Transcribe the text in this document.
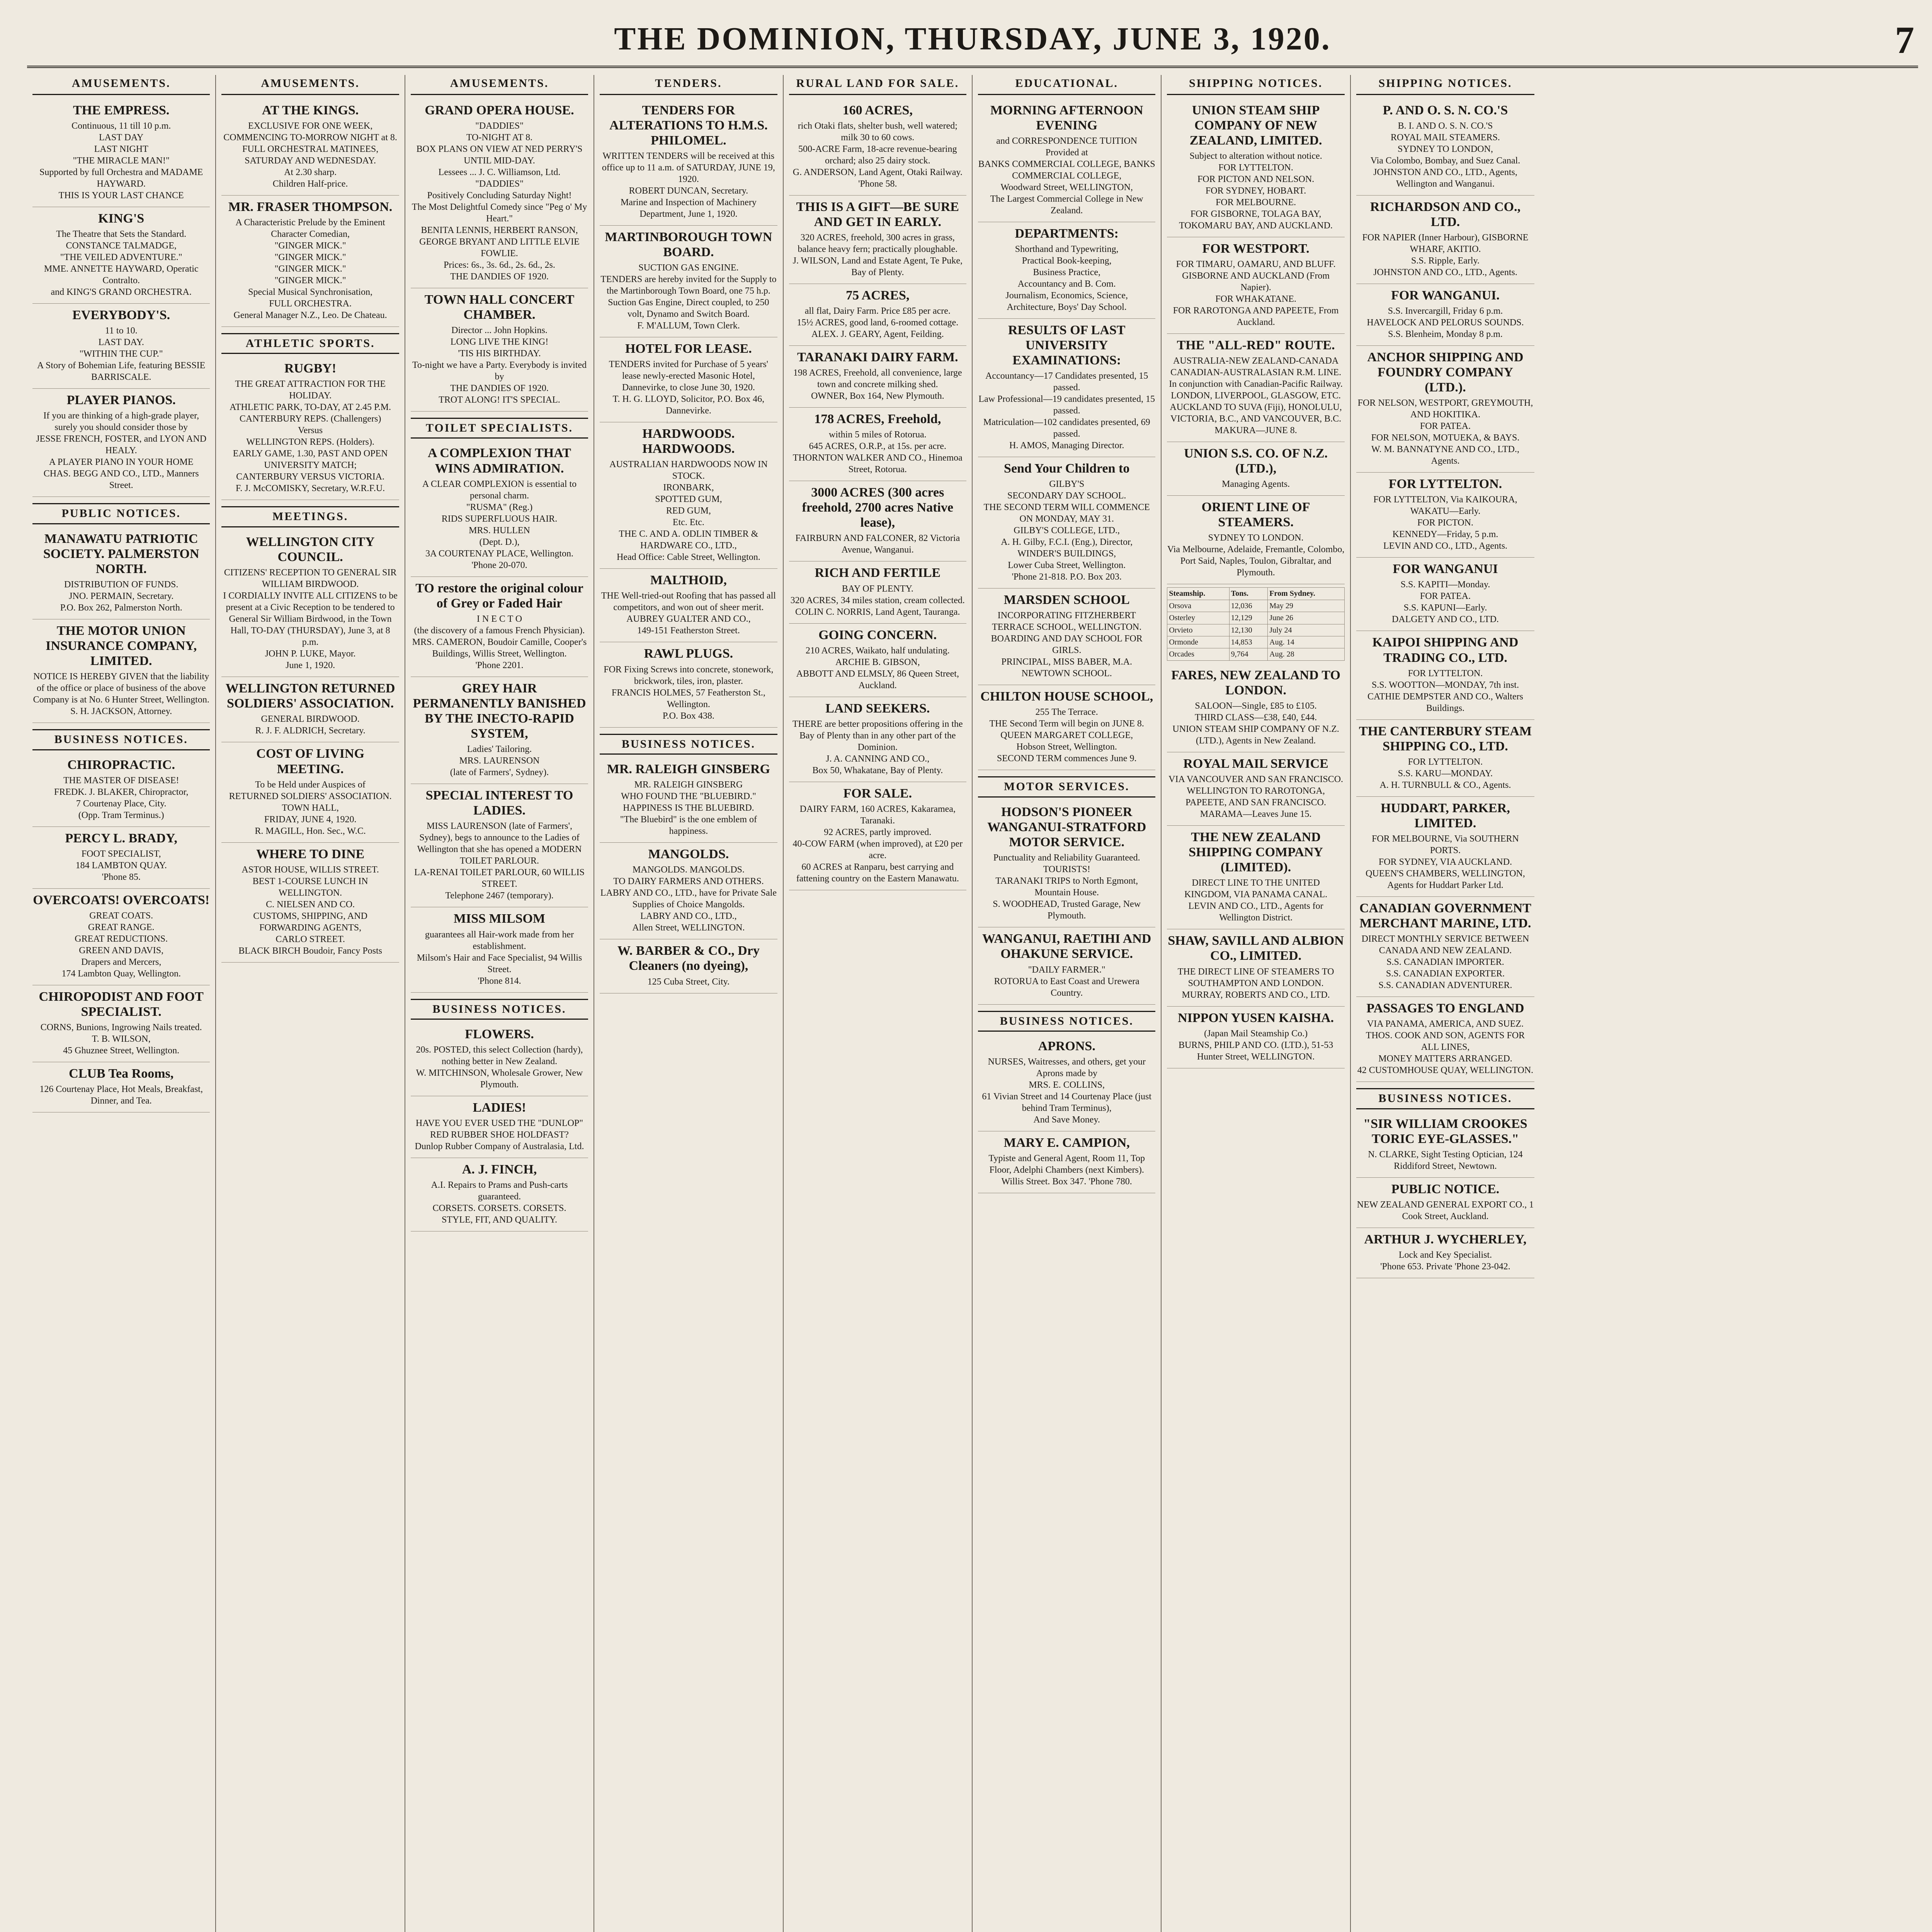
THE DOMINION, THURSDAY, JUNE 3, 1920.	7
AMUSEMENTS.
THE EMPRESS.
Continuous, 11 till 10 p.m.
LAST DAY
LAST NIGHT
"THE MIRACLE MAN!"
Supported by full Orchestra and MADAME HAYWARD.
THIS IS YOUR LAST CHANCE
KING'S
The Theatre that Sets the Standard.
CONSTANCE TALMADGE,
"THE VEILED ADVENTURE."
MME. ANNETTE HAYWARD, Operatic Contralto.
and KING'S GRAND ORCHESTRA.
EVERYBODY'S.
11 to 10.
LAST DAY.
"WITHIN THE CUP."
A Story of Bohemian Life, featuring BESSIE BARRISCALE.
PLAYER PIANOS.
If you are thinking of a high-grade player, surely you should consider those by
JESSE FRENCH, FOSTER, and LYON AND HEALY.
A PLAYER PIANO IN YOUR HOME
CHAS. BEGG AND CO., LTD., Manners Street.
PUBLIC NOTICES.
MANAWATU PATRIOTIC SOCIETY. PALMERSTON NORTH.
DISTRIBUTION OF FUNDS.
JNO. PERMAIN, Secretary.
P.O. Box 262, Palmerston North.
THE MOTOR UNION INSURANCE COMPANY, LIMITED.
NOTICE IS HEREBY GIVEN that the liability of the office or place of business of the above Company is at No. 6 Hunter Street, Wellington.
S. H. JACKSON, Attorney.
BUSINESS NOTICES.
CHIROPRACTIC.
THE MASTER OF DISEASE!
FREDK. J. BLAKER, Chiropractor,
7 Courtenay Place, City.
(Opp. Tram Terminus.)
PERCY L. BRADY,
FOOT SPECIALIST,
184 LAMBTON QUAY.
'Phone 85.
OVERCOATS! OVERCOATS!
GREAT COATS.
GREAT RANGE.
GREAT REDUCTIONS.
GREEN AND DAVIS,
Drapers and Mercers,
174 Lambton Quay, Wellington.
CHIROPODIST AND FOOT SPECIALIST.
CORNS, Bunions, Ingrowing Nails treated.
T. B. WILSON,
45 Ghuznee Street, Wellington.
CLUB Tea Rooms,
126 Courtenay Place, Hot Meals, Breakfast, Dinner, and Tea.
AMUSEMENTS.
AT THE KINGS.
EXCLUSIVE FOR ONE WEEK, COMMENCING TO-MORROW NIGHT at 8.
FULL ORCHESTRAL MATINEES, SATURDAY AND WEDNESDAY.
At 2.30 sharp.
Children Half-price.
MR. FRASER THOMPSON.
A Characteristic Prelude by the Eminent Character Comedian,
"GINGER MICK."
"GINGER MICK."
"GINGER MICK."
"GINGER MICK."
Special Musical Synchronisation,
FULL ORCHESTRA.
General Manager N.Z., Leo. De Chateau.
ATHLETIC SPORTS.
RUGBY!
THE GREAT ATTRACTION FOR THE HOLIDAY.
ATHLETIC PARK, TO-DAY, AT 2.45 P.M.
CANTERBURY REPS. (Challengers)
Versus
WELLINGTON REPS. (Holders).
EARLY GAME, 1.30, PAST AND OPEN UNIVERSITY MATCH;
CANTERBURY VERSUS VICTORIA.
F. J. McCOMISKY, Secretary, W.R.F.U.
MEETINGS.
WELLINGTON CITY COUNCIL.
CITIZENS' RECEPTION TO GENERAL SIR WILLIAM BIRDWOOD.
I CORDIALLY INVITE ALL CITIZENS to be present at a Civic Reception to be tendered to General Sir William Birdwood, in the Town Hall, TO-DAY (THURSDAY), June 3, at 8 p.m.
JOHN P. LUKE, Mayor.
June 1, 1920.
WELLINGTON RETURNED SOLDIERS' ASSOCIATION.
GENERAL BIRDWOOD.
R. J. F. ALDRICH, Secretary.
COST OF LIVING MEETING.
To be Held under Auspices of
RETURNED SOLDIERS' ASSOCIATION.
TOWN HALL,
FRIDAY, JUNE 4, 1920.
R. MAGILL, Hon. Sec., W.C.
WHERE TO DINE
ASTOR HOUSE, WILLIS STREET.
BEST 1-COURSE LUNCH IN WELLINGTON.
C. NIELSEN AND CO.
CUSTOMS, SHIPPING, AND FORWARDING AGENTS,
CARLO STREET.
BLACK BIRCH Boudoir, Fancy Posts
AMUSEMENTS.
GRAND OPERA HOUSE.
"DADDIES"
TO-NIGHT AT 8.
BOX PLANS ON VIEW AT NED PERRY'S UNTIL MID-DAY.
Lessees ... J. C. Williamson, Ltd.
"DADDIES"
Positively Concluding Saturday Night!
The Most Delightful Comedy since "Peg o' My Heart."
BENITA LENNIS, HERBERT RANSON, GEORGE BRYANT AND LITTLE ELVIE FOWLIE.
Prices: 6s., 3s. 6d., 2s. 6d., 2s.
THE DANDIES OF 1920.
TOWN HALL CONCERT CHAMBER.
Director ... John Hopkins.
LONG LIVE THE KING!
'TIS HIS BIRTHDAY.
To-night we have a Party. Everybody is invited by
THE DANDIES OF 1920.
TROT ALONG! IT'S SPECIAL.
TOILET SPECIALISTS.
A COMPLEXION THAT WINS ADMIRATION.
A CLEAR COMPLEXION is essential to personal charm.
"RUSMA" (Reg.)
RIDS SUPERFLUOUS HAIR.
MRS. HULLEN
(Dept. D.),
3A COURTENAY PLACE, Wellington.
'Phone 20-070.
TO restore the original colour of Grey or Faded Hair
I N E C T O
(the discovery of a famous French Physician).
MRS. CAMERON, Boudoir Camille, Cooper's Buildings, Willis Street, Wellington.
'Phone 2201.
GREY HAIR PERMANENTLY BANISHED BY THE INECTO-RAPID SYSTEM,
Ladies' Tailoring.
MRS. LAURENSON
(late of Farmers', Sydney).
SPECIAL INTEREST TO LADIES.
MISS LAURENSON (late of Farmers', Sydney), begs to announce to the Ladies of Wellington that she has opened a MODERN TOILET PARLOUR.
LA-RENAI TOILET PARLOUR, 60 WILLIS STREET.
Telephone 2467 (temporary).
MISS MILSOM
guarantees all Hair-work made from her establishment.
Milsom's Hair and Face Specialist, 94 Willis Street.
'Phone 814.
BUSINESS NOTICES.
FLOWERS.
20s. POSTED, this select Collection (hardy), nothing better in New Zealand.
W. MITCHINSON, Wholesale Grower, New Plymouth.
LADIES!
HAVE YOU EVER USED THE "DUNLOP" RED RUBBER SHOE HOLDFAST?
Dunlop Rubber Company of Australasia, Ltd.
A. J. FINCH,
A.I. Repairs to Prams and Push-carts guaranteed.
CORSETS. CORSETS. CORSETS.
STYLE, FIT, AND QUALITY.
TENDERS.
TENDERS FOR ALTERATIONS TO H.M.S. PHILOMEL.
WRITTEN TENDERS will be received at this office up to 11 a.m. of SATURDAY, JUNE 19, 1920.
ROBERT DUNCAN, Secretary.
Marine and Inspection of Machinery Department, June 1, 1920.
MARTINBOROUGH TOWN BOARD.
SUCTION GAS ENGINE.
TENDERS are hereby invited for the Supply to the Martinborough Town Board, one 75 h.p. Suction Gas Engine, Direct coupled, to 250 volt, Dynamo and Switch Board.
F. M'ALLUM, Town Clerk.
HOTEL FOR LEASE.
TENDERS invited for Purchase of 5 years' lease newly-erected Masonic Hotel, Dannevirke, to close June 30, 1920.
T. H. G. LLOYD, Solicitor, P.O. Box 46, Dannevirke.
HARDWOODS. HARDWOODS.
AUSTRALIAN HARDWOODS NOW IN STOCK.
IRONBARK,
SPOTTED GUM,
RED GUM,
Etc. Etc.
THE C. AND A. ODLIN TIMBER & HARDWARE CO., LTD.,
Head Office: Cable Street, Wellington.
MALTHOID,
THE Well-tried-out Roofing that has passed all competitors, and won out of sheer merit.
AUBREY GUALTER AND CO.,
149-151 Featherston Street.
RAWL PLUGS.
FOR Fixing Screws into concrete, stonework, brickwork, tiles, iron, plaster.
FRANCIS HOLMES, 57 Featherston St., Wellington.
P.O. Box 438.
BUSINESS NOTICES.
MR. RALEIGH GINSBERG
MR. RALEIGH GINSBERG
WHO FOUND THE "BLUEBIRD."
HAPPINESS IS THE BLUEBIRD.
"The Bluebird" is the one emblem of happiness.
MANGOLDS.
MANGOLDS. MANGOLDS.
TO DAIRY FARMERS AND OTHERS.
LABRY AND CO., LTD., have for Private Sale Supplies of Choice Mangolds.
LABRY AND CO., LTD.,
Allen Street, WELLINGTON.
W. BARBER & CO., Dry Cleaners (no dyeing),
125 Cuba Street, City.
RURAL LAND FOR SALE.
160 ACRES,
rich Otaki flats, shelter bush, well watered; milk 30 to 60 cows.
500-ACRE Farm, 18-acre revenue-bearing orchard; also 25 dairy stock.
G. ANDERSON, Land Agent, Otaki Railway. 'Phone 58.
THIS IS A GIFT—BE SURE AND GET IN EARLY.
320 ACRES, freehold, 300 acres in grass, balance heavy fern; practically ploughable.
J. WILSON, Land and Estate Agent, Te Puke, Bay of Plenty.
75 ACRES,
all flat, Dairy Farm. Price £85 per acre.
15½ ACRES, good land, 6-roomed cottage.
ALEX. J. GEARY, Agent, Feilding.
TARANAKI DAIRY FARM.
198 ACRES, Freehold, all convenience, large town and concrete milking shed.
OWNER, Box 164, New Plymouth.
178 ACRES, Freehold,
within 5 miles of Rotorua.
645 ACRES, O.R.P., at 15s. per acre.
THORNTON WALKER AND CO., Hinemoa Street, Rotorua.
3000 ACRES (300 acres freehold, 2700 acres Native lease),
FAIRBURN AND FALCONER, 82 Victoria Avenue, Wanganui.
RICH AND FERTILE
BAY OF PLENTY.
320 ACRES, 34 miles station, cream collected.
COLIN C. NORRIS, Land Agent, Tauranga.
GOING CONCERN.
210 ACRES, Waikato, half undulating.
ARCHIE B. GIBSON,
ABBOTT AND ELMSLY, 86 Queen Street, Auckland.
LAND SEEKERS.
THERE are better propositions offering in the Bay of Plenty than in any other part of the Dominion.
J. A. CANNING AND CO.,
Box 50, Whakatane, Bay of Plenty.
FOR SALE.
DAIRY FARM, 160 ACRES, Kakaramea, Taranaki.
92 ACRES, partly improved.
40-COW FARM (when improved), at £20 per acre.
60 ACRES at Ranparu, best carrying and fattening country on the Eastern Manawatu.
EDUCATIONAL.
MORNING AFTERNOON EVENING
and CORRESPONDENCE TUITION
Provided at
BANKS COMMERCIAL COLLEGE, BANKS COMMERCIAL COLLEGE,
Woodward Street, WELLINGTON,
The Largest Commercial College in New Zealand.
DEPARTMENTS:
Shorthand and Typewriting,
Practical Book-keeping,
Business Practice,
Accountancy and B. Com.
Journalism, Economics, Science,
Architecture, Boys' Day School.
RESULTS OF LAST UNIVERSITY EXAMINATIONS:
Accountancy—17 Candidates presented, 15 passed.
Law Professional—19 candidates presented, 15 passed.
Matriculation—102 candidates presented, 69 passed.
H. AMOS, Managing Director.
Send Your Children to
GILBY'S
SECONDARY DAY SCHOOL.
THE SECOND TERM WILL COMMENCE ON MONDAY, MAY 31.
GILBY'S COLLEGE, LTD.,
A. H. Gilby, F.C.I. (Eng.), Director,
WINDER'S BUILDINGS,
Lower Cuba Street, Wellington.
'Phone 21-818. P.O. Box 203.
MARSDEN SCHOOL
INCORPORATING FITZHERBERT TERRACE SCHOOL, WELLINGTON.
BOARDING AND DAY SCHOOL FOR GIRLS.
PRINCIPAL, MISS BABER, M.A.
NEWTOWN SCHOOL.
CHILTON HOUSE SCHOOL,
255 The Terrace.
THE Second Term will begin on JUNE 8.
QUEEN MARGARET COLLEGE,
Hobson Street, Wellington.
SECOND TERM commences June 9.
MOTOR SERVICES.
HODSON'S PIONEER WANGANUI-STRATFORD MOTOR SERVICE.
Punctuality and Reliability Guaranteed.
TOURISTS!
TARANAKI TRIPS to North Egmont, Mountain House.
S. WOODHEAD, Trusted Garage, New Plymouth.
WANGANUI, RAETIHI AND OHAKUNE SERVICE.
"DAILY FARMER."
ROTORUA to East Coast and Urewera Country.
BUSINESS NOTICES.
APRONS.
NURSES, Waitresses, and others, get your Aprons made by
MRS. E. COLLINS,
61 Vivian Street and 14 Courtenay Place (just behind Tram Terminus),
And Save Money.
MARY E. CAMPION,
Typiste and General Agent, Room 11, Top Floor, Adelphi Chambers (next Kimbers).
Willis Street. Box 347. 'Phone 780.
SHIPPING NOTICES.
UNION STEAM SHIP COMPANY OF NEW ZEALAND, LIMITED.
Subject to alteration without notice.
FOR LYTTELTON.
FOR PICTON AND NELSON.
FOR SYDNEY, HOBART.
FOR MELBOURNE.
FOR GISBORNE, TOLAGA BAY, TOKOMARU BAY, AND AUCKLAND.
FOR WESTPORT.
FOR TIMARU, OAMARU, AND BLUFF.
GISBORNE AND AUCKLAND (From Napier).
FOR WHAKATANE.
FOR RAROTONGA AND PAPEETE, From Auckland.
THE "ALL-RED" ROUTE.
AUSTRALIA-NEW ZEALAND-CANADA
CANADIAN-AUSTRALASIAN R.M. LINE.
In conjunction with Canadian-Pacific Railway.
LONDON, LIVERPOOL, GLASGOW, ETC.
AUCKLAND TO SUVA (Fiji), HONOLULU, VICTORIA, B.C., AND VANCOUVER, B.C.
MAKURA—JUNE 8.
UNION S.S. CO. OF N.Z. (LTD.),
Managing Agents.
ORIENT LINE OF STEAMERS.
SYDNEY TO LONDON.
Via Melbourne, Adelaide, Fremantle, Colombo, Port Said, Naples, Toulon, Gibraltar, and Plymouth.
Steamship.	Tons.	From Sydney.
Orsova	12,036	May 29
Osterley	12,129	June 26
Orvieto	12,130	July 24
Ormonde	14,853	Aug. 14
Orcades	9,764	Aug. 28
FARES, NEW ZEALAND TO LONDON.
SALOON—Single, £85 to £105.
THIRD CLASS—£38, £40, £44.
UNION STEAM SHIP COMPANY OF N.Z. (LTD.), Agents in New Zealand.
ROYAL MAIL SERVICE
VIA VANCOUVER AND SAN FRANCISCO.
WELLINGTON TO RAROTONGA, PAPEETE, AND SAN FRANCISCO.
MARAMA—Leaves June 15.
THE NEW ZEALAND SHIPPING COMPANY (LIMITED).
DIRECT LINE TO THE UNITED KINGDOM, VIA PANAMA CANAL.
LEVIN AND CO., LTD., Agents for Wellington District.
SHAW, SAVILL AND ALBION CO., LIMITED.
THE DIRECT LINE OF STEAMERS TO SOUTHAMPTON AND LONDON.
MURRAY, ROBERTS AND CO., LTD.
NIPPON YUSEN KAISHA.
(Japan Mail Steamship Co.)
BURNS, PHILP AND CO. (LTD.), 51-53 Hunter Street, WELLINGTON.
SHIPPING NOTICES.
P. AND O. S. N. CO.'S
B. I. AND O. S. N. CO.'S
ROYAL MAIL STEAMERS.
SYDNEY TO LONDON,
Via Colombo, Bombay, and Suez Canal.
JOHNSTON AND CO., LTD., Agents, Wellington and Wanganui.
RICHARDSON AND CO., LTD.
FOR NAPIER (Inner Harbour), GISBORNE WHARF, AKITIO.
S.S. Ripple, Early.
JOHNSTON AND CO., LTD., Agents.
FOR WANGANUI.
S.S. Invercargill, Friday 6 p.m.
HAVELOCK AND PELORUS SOUNDS.
S.S. Blenheim, Monday 8 p.m.
ANCHOR SHIPPING AND FOUNDRY COMPANY (LTD.).
FOR NELSON, WESTPORT, GREYMOUTH, AND HOKITIKA.
FOR PATEA.
FOR NELSON, MOTUEKA, & BAYS.
W. M. BANNATYNE AND CO., LTD., Agents.
FOR LYTTELTON.
FOR LYTTELTON, Via KAIKOURA, WAKATU—Early.
FOR PICTON.
KENNEDY—Friday, 5 p.m.
LEVIN AND CO., LTD., Agents.
FOR WANGANUI
S.S. KAPITI—Monday.
FOR PATEA.
S.S. KAPUNI—Early.
DALGETY AND CO., LTD.
KAIPOI SHIPPING AND TRADING CO., LTD.
FOR LYTTELTON.
S.S. WOOTTON—MONDAY, 7th inst.
CATHIE DEMPSTER AND CO., Walters Buildings.
THE CANTERBURY STEAM SHIPPING CO., LTD.
FOR LYTTELTON.
S.S. KARU—MONDAY.
A. H. TURNBULL & CO., Agents.
HUDDART, PARKER, LIMITED.
FOR MELBOURNE, Via SOUTHERN PORTS.
FOR SYDNEY, VIA AUCKLAND.
QUEEN'S CHAMBERS, WELLINGTON, Agents for Huddart Parker Ltd.
CANADIAN GOVERNMENT MERCHANT MARINE, LTD.
DIRECT MONTHLY SERVICE BETWEEN CANADA AND NEW ZEALAND.
S.S. CANADIAN IMPORTER.
S.S. CANADIAN EXPORTER.
S.S. CANADIAN ADVENTURER.
PASSAGES TO ENGLAND
VIA PANAMA, AMERICA, AND SUEZ.
THOS. COOK AND SON, AGENTS FOR ALL LINES,
MONEY MATTERS ARRANGED.
42 CUSTOMHOUSE QUAY, WELLINGTON.
BUSINESS NOTICES.
"SIR WILLIAM CROOKES TORIC EYE-GLASSES."
N. CLARKE, Sight Testing Optician, 124 Riddiford Street, Newtown.
PUBLIC NOTICE.
NEW ZEALAND GENERAL EXPORT CO., 1 Cook Street, Auckland.
ARTHUR J. WYCHERLEY,
Lock and Key Specialist.
'Phone 653. Private 'Phone 23-042.
